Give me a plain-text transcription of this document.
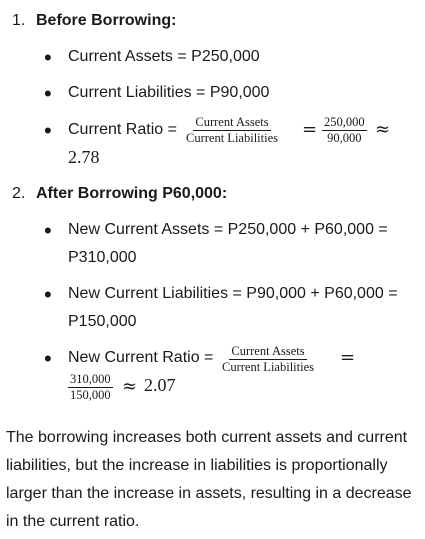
1. Before Borrowing:
• Current Assets = P250,000
• Current Liabilities = P90,000
• Current Ratio = Current Assets
Current Liabilities = $\frac{250,000}{90,000}$ ≈
2.78
2. After Borrowing P60,000:
• New Current Assets = P250,000 + P60,000 =
P310,000
• New Current Liabilities = P90,000 + P60,000 =
P150,000
• New Current Ratio = Current Assets
Current Liabilities =
$\frac{310,000}{150,000} \approx 2.07$

The borrowing increases both current assets and current liabilities, but the increase in liabilities is proportionally larger than the increase in assets, resulting in a decrease in the current ratio.
